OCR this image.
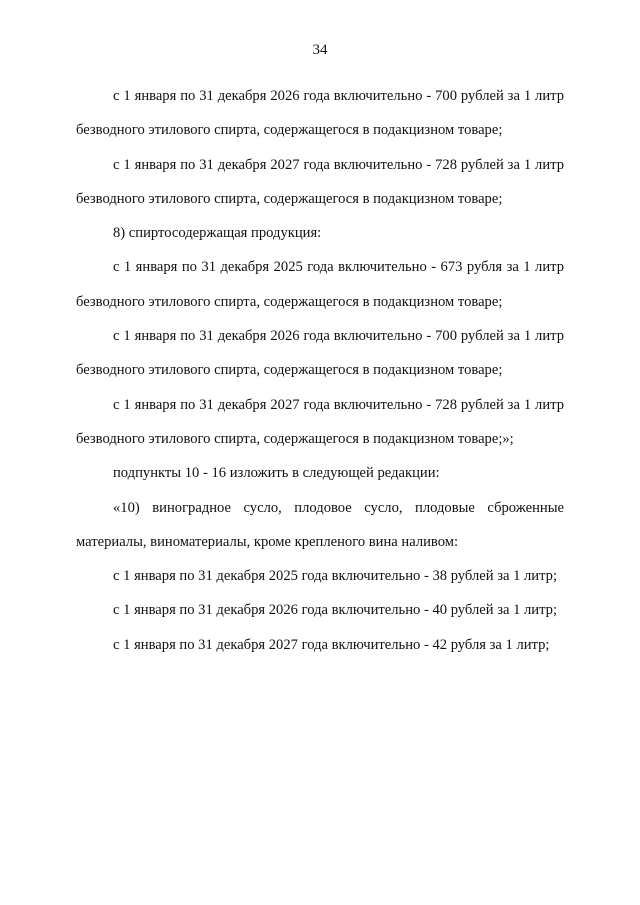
34

с 1 января по 31 декабря 2026 года включительно - 700 рублей за 1 литр безводного этилового спирта, содержащегося в подакцизном товаре;

с 1 января по 31 декабря 2027 года включительно - 728 рублей за 1 литр безводного этилового спирта, содержащегося в подакцизном товаре;

8) спиртосодержащая продукция:

с 1 января по 31 декабря 2025 года включительно - 673 рубля за 1 литр безводного этилового спирта, содержащегося в подакцизном товаре;

с 1 января по 31 декабря 2026 года включительно - 700 рублей за 1 литр безводного этилового спирта, содержащегося в подакцизном товаре;

с 1 января по 31 декабря 2027 года включительно - 728 рублей за 1 литр безводного этилового спирта, содержащегося в подакцизном товаре;»;

подпункты 10 - 16 изложить в следующей редакции:

«10) виноградное сусло, плодовое сусло, плодовые сброженные материалы, виноматериалы, кроме крепленого вина наливом:

с 1 января по 31 декабря 2025 года включительно - 38 рублей за 1 литр;

с 1 января по 31 декабря 2026 года включительно - 40 рублей за 1 литр;

с 1 января по 31 декабря 2027 года включительно - 42 рубля за 1 литр;
